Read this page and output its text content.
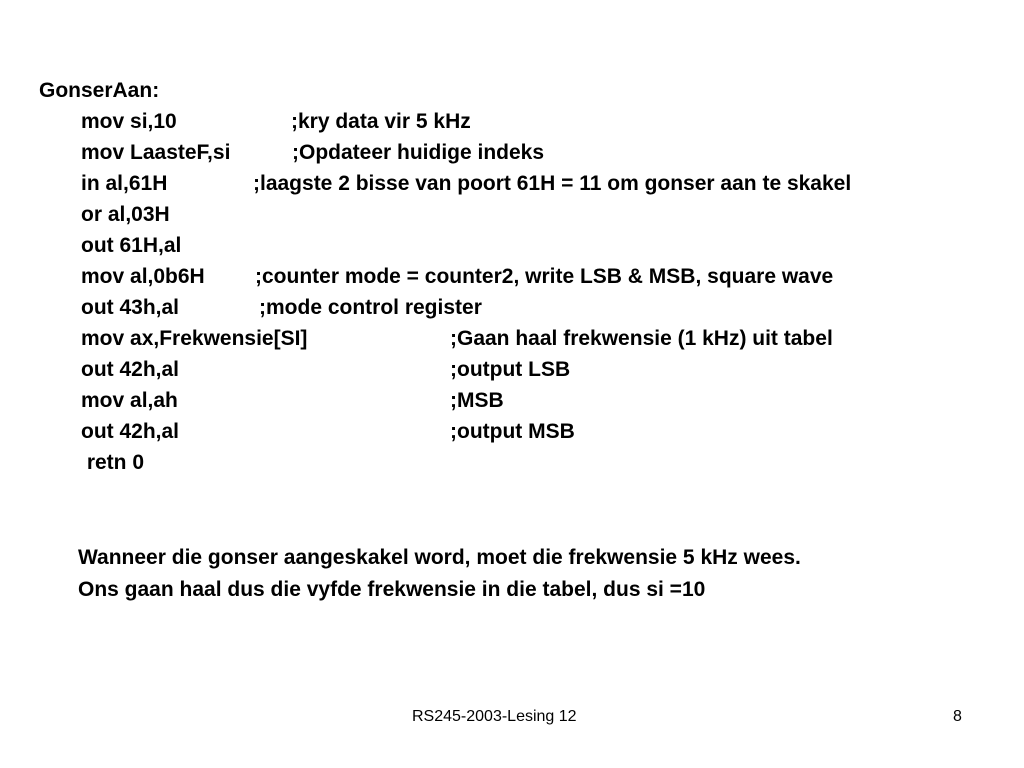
GonserAan:

mov si,10

	;kry data vir 5 kHz

mov LaasteF,si

	;Opdateer huidige indeks

in al,61H

	;laagste 2 bisse van poort 61H = 11 om gonser aan te skakel

or al,03H

out 61H,al

mov al,0b6H

;counter mode = counter2, write LSB & MSB, square wave

out 43h,al

	;mode control register

mov ax,Frekwensie[SI]

	;Gaan haal frekwensie (1 kHz) uit tabel

out 42h,al

	;output LSB

mov al,ah

	;MSB

out 42h,al

	;output MSB

retn 0

Wanneer die gonser aangeskakel word, moet die frekwensie 5 kHz wees.
Ons gaan haal dus die vyfde frekwensie in die tabel, dus si =10
RS245-2003-Lesing 12	8
